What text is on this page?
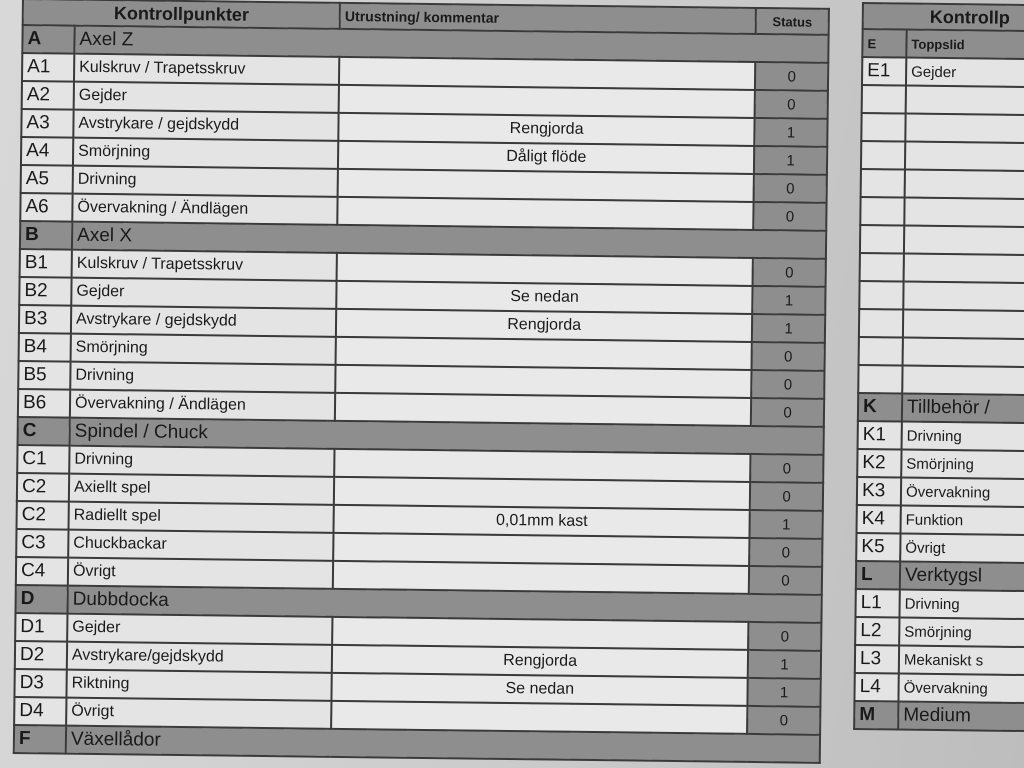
Kontrollpunkter		Utrustning/ kommentar	Status
A	Axel Z		
A1	Kulskruv / Trapetsskruv		0
A2	Gejder		0
A3	Avstrykare / gejdskydd	Rengjorda	1
A4	Smörjning	Dåligt flöde	1
A5	Drivning		0
A6	Övervakning / Ändlägen		0
B	Axel X		
B1	Kulskruv / Trapetsskruv		0
B2	Gejder	Se nedan	1
B3	Avstrykare / gejdskydd	Rengjorda	1
B4	Smörjning		0
B5	Drivning		0
B6	Övervakning / Ändlägen		0
C	Spindel / Chuck		
C1	Drivning		0
C2	Axiellt spel		0
C2	Radiellt spel	0,01mm kast	1
C3	Chuckbackar		0
C4	Övrigt		0
D	Dubbdocka		
D1	Gejder		0
D2	Avstrykare/gejdskydd	Rengjorda	1
D3	Riktning	Se nedan	1
D4	Övrigt		0
F	Växellådor		
Kontrollp	
E	Toppslid
E1	Gejder

K	Tillbehör /
K1	Drivning
K2	Smörjning
K3	Övervakning
K4	Funktion
K5	Övrigt
L	Verktygsl
L1	Drivning
L2	Smörjning
L3	Mekaniskt s
L4	Övervakning
M	Medium
